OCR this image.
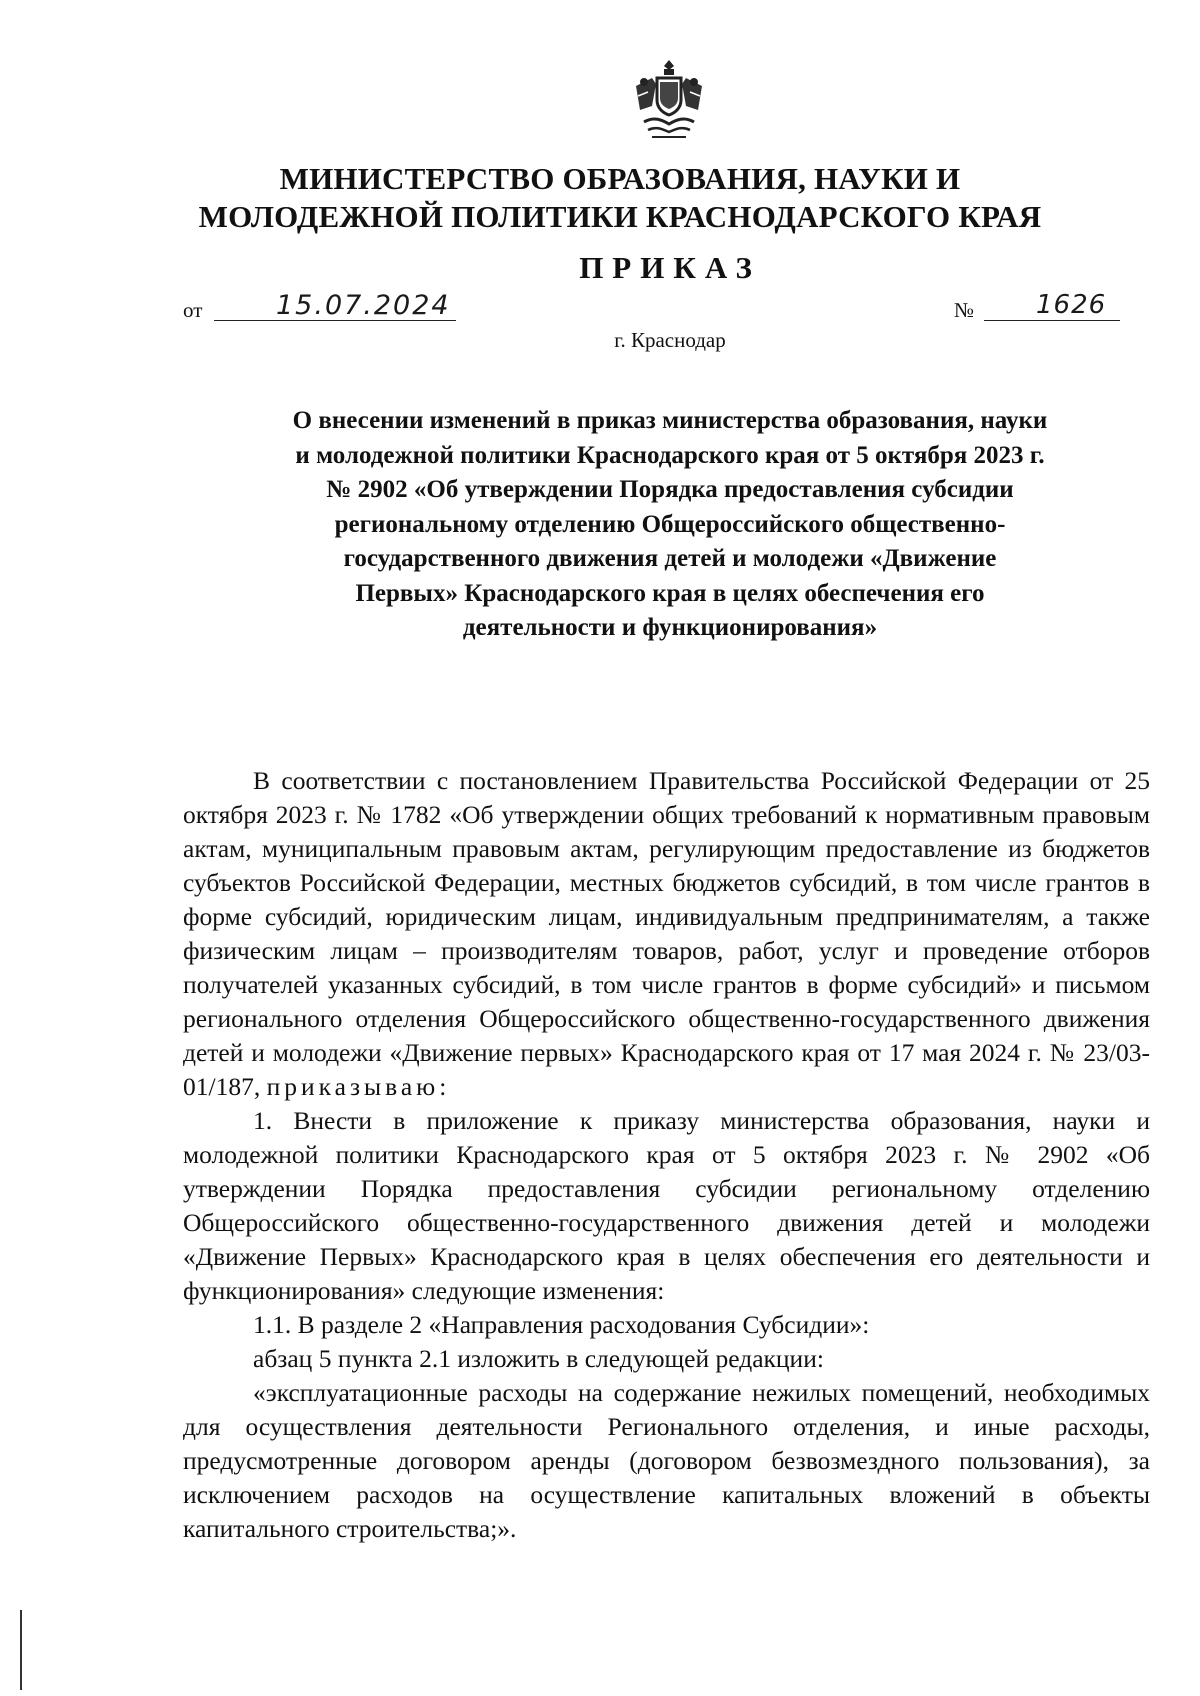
МИНИСТЕРСТВО ОБРАЗОВАНИЯ, НАУКИ И МОЛОДЕЖНОЙ ПОЛИТИКИ КРАСНОДАРСКОГО КРАЯ
ПРИКАЗ
от	15.07.2024	№ 1626
г. Краснодар
О внесении изменений в приказ министерства образования, науки и молодежной политики Краснодарского края от 5 октября 2023 г. № 2902 «Об утверждении Порядка предоставления субсидии региональному отделению Общероссийского общественно-государственного движения детей и молодежи «Движение Первых» Краснодарского края в целях обеспечения его деятельности и функционирования»

В соответствии с постановлением Правительства Российской Федерации от 25 октября 2023 г. № 1782 «Об утверждении общих требований к нормативным правовым актам, муниципальным правовым актам, регулирующим предоставление из бюджетов субъектов Российской Федерации, местных бюджетов субсидий, в том числе грантов в форме субсидий, юридическим лицам, индивидуальным предпринимателям, а также физическим лицам – производителям товаров, работ, услуг и проведение отборов получателей указанных субсидий, в том числе грантов в форме субсидий» и письмом регионального отделения Общероссийского общественно-государственного движения детей и молодежи «Движение первых» Краснодарского края от 17 мая 2024 г. № 23/03-01/187, приказываю:

1. Внести в приложение к приказу министерства образования, науки и молодежной политики Краснодарского края от 5 октября 2023 г. № 2902 «Об утверждении Порядка предоставления субсидии региональному отделению Общероссийского общественно-государственного движения детей и молодежи «Движение Первых» Краснодарского края в целях обеспечения его деятельности и функционирования» следующие изменения:

1.1. В разделе 2 «Направления расходования Субсидии»:

абзац 5 пункта 2.1 изложить в следующей редакции:

«эксплуатационные расходы на содержание нежилых помещений, необходимых для осуществления деятельности Регионального отделения, и иные расходы, предусмотренные договором аренды (договором безвозмездного пользования), за исключением расходов на осуществление капитальных вложений в объекты капитального строительства;».
